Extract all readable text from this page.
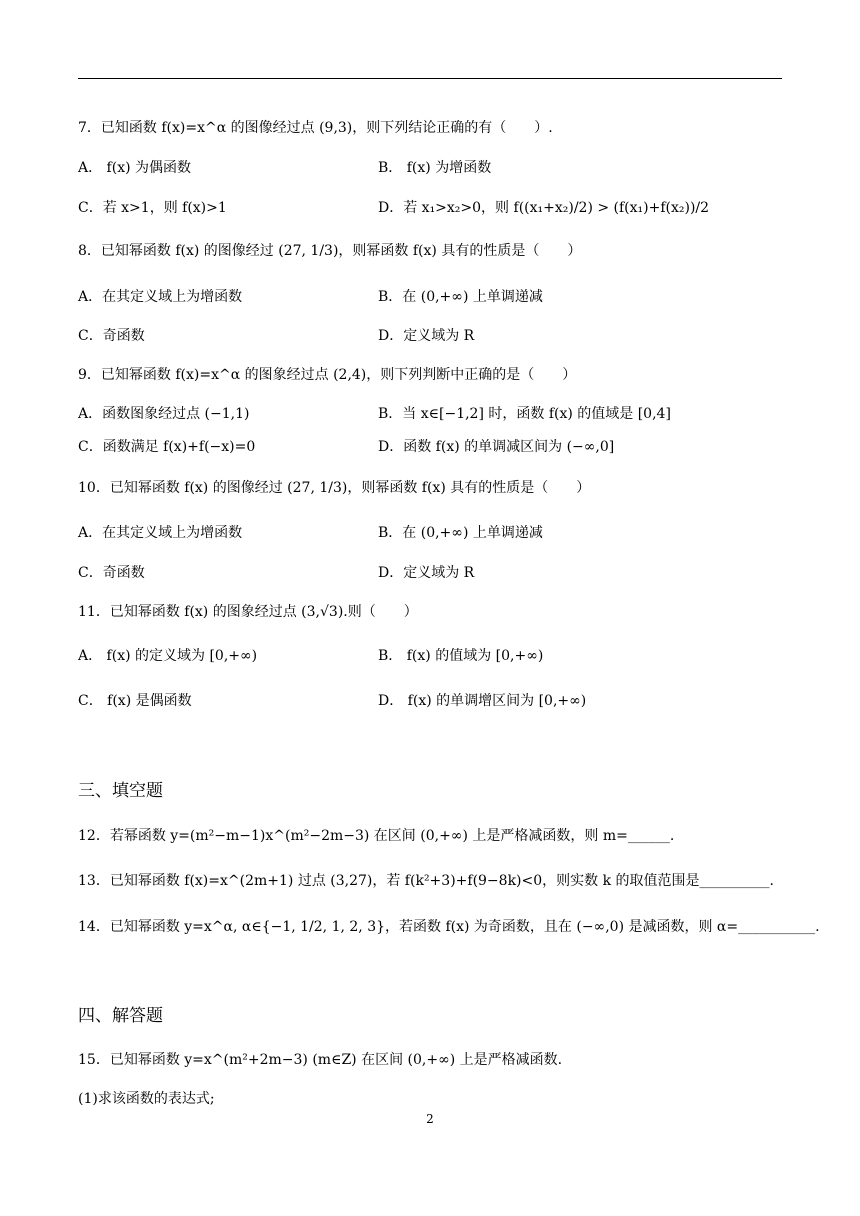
7．已知函数 f(x)=x^α 的图像经过点 (9,3)，则下列结论正确的有（　　）.
A． f(x) 为偶函数	B． f(x) 为增函数
C．若 x>1，则 f(x)>1	D．若 x₁>x₂>0，则 f((x₁+x₂)/2) > (f(x₁)+f(x₂))/2
8．已知幂函数 f(x) 的图像经过 (27, 1/3)，则幂函数 f(x) 具有的性质是（　　）
A．在其定义域上为增函数	B．在 (0,+∞) 上单调递减
C．奇函数	D．定义域为 R
9．已知幂函数 f(x)=x^α 的图象经过点 (2,4)，则下列判断中正确的是（　　）
A．函数图象经过点 (−1,1)	B．当 x∈[−1,2] 时，函数 f(x) 的值域是 [0,4]
C．函数满足 f(x)+f(−x)=0	D．函数 f(x) 的单调减区间为 (−∞,0]
10．已知幂函数 f(x) 的图像经过 (27, 1/3)，则幂函数 f(x) 具有的性质是（　　）
A．在其定义域上为增函数	B．在 (0,+∞) 上单调递减
C．奇函数	D．定义域为 R
11．已知幂函数 f(x) 的图象经过点 (3,√3).则（　　）
A． f(x) 的定义域为 [0,+∞)	B． f(x) 的值域为 [0,+∞)
C． f(x) 是偶函数	D． f(x) 的单调增区间为 [0,+∞)
三、填空题
12．若幂函数 y=(m²−m−1)x^(m²−2m−3) 在区间 (0,+∞) 上是严格减函数，则 m=______.
13．已知幂函数 f(x)=x^(2m+1) 过点 (3,27)，若 f(k²+3)+f(9−8k)<0，则实数 k 的取值范围是__________.
14．已知幂函数 y=x^α, α∈{−1, 1/2, 1, 2, 3}，若函数 f(x) 为奇函数，且在 (−∞,0) 是减函数，则 α=___________.
四、解答题
15．已知幂函数 y=x^(m²+2m−3) (m∈Z) 在区间 (0,+∞) 上是严格减函数.
(1)求该函数的表达式;
2
